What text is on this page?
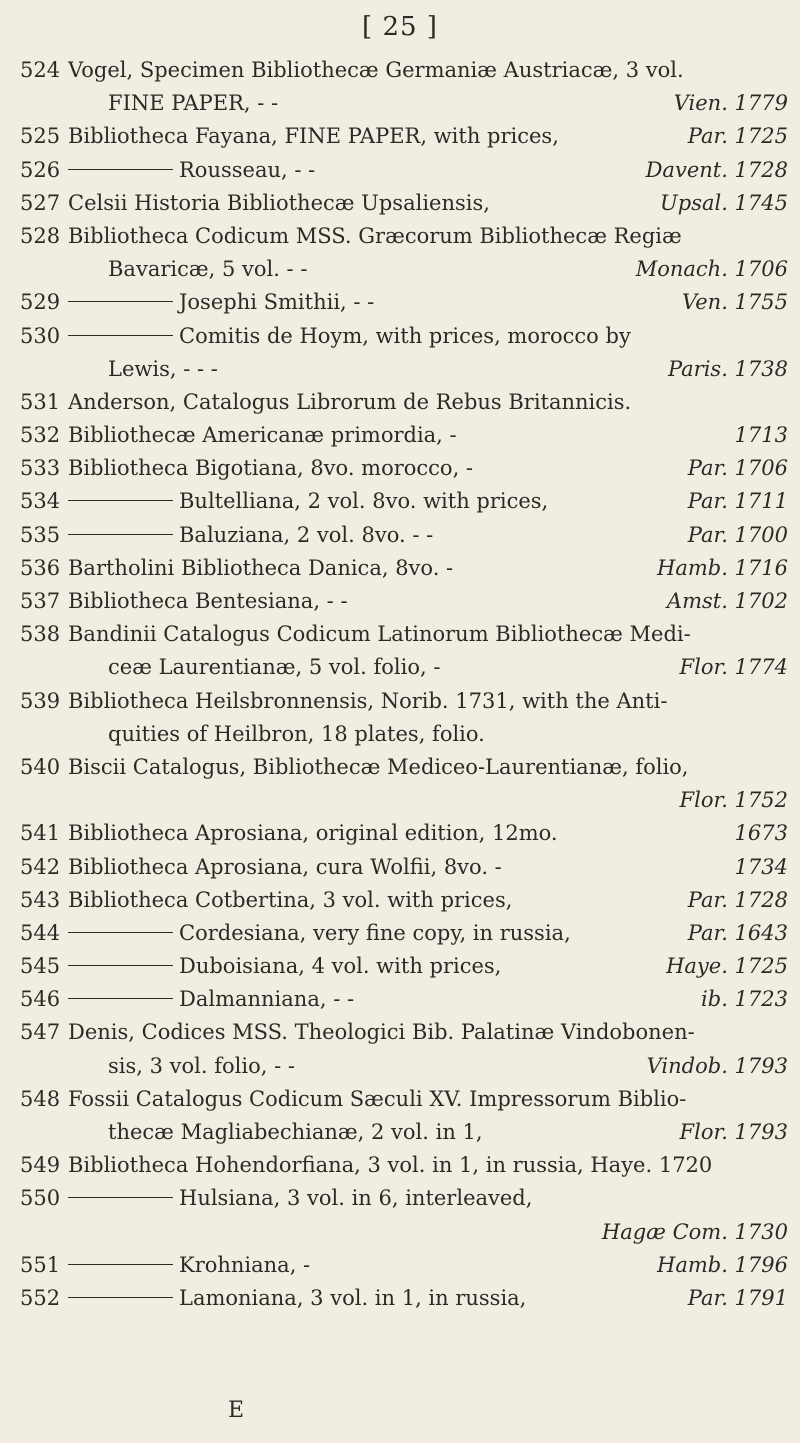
[ 25 ]
524 Vogel, Specimen Bibliothecæ Germaniæ Austriacæ, 3 vol.
FINE PAPER, - -	Vien. 1779
525 Bibliotheca Fayana, FINE PAPER, with prices,	Par. 1725
526	Rousseau, - -	Davent. 1728
527 Celsii Historia Bibliothecæ Upsaliensis,	Upsal. 1745
528 Bibliotheca Codicum MSS. Græcorum Bibliothecæ Regiæ
Bavaricæ, 5 vol. - -	Monach. 1706
529	Josephi Smithii, - -	Ven. 1755
530	Comitis de Hoym, with prices, morocco by
Lewis, - - -	Paris. 1738
531 Anderson, Catalogus Librorum de Rebus Britannicis.
532 Bibliothecæ Americanæ primordia, -	1713
533 Bibliotheca Bigotiana, 8vo. morocco, -	Par. 1706
534	Bultelliana, 2 vol. 8vo. with prices,	Par. 1711
535	Baluziana, 2 vol. 8vo. - -	Par. 1700
536 Bartholini Bibliotheca Danica, 8vo. -	Hamb. 1716
537 Bibliotheca Bentesiana, - -	Amst. 1702
538 Bandinii Catalogus Codicum Latinorum Bibliothecæ Medi-
ceæ Laurentianæ, 5 vol. folio, -	Flor. 1774
539 Bibliotheca Heilsbronnensis, Norib. 1731, with the Anti-
quities of Heilbron, 18 plates, folio.
540 Biscii Catalogus, Bibliothecæ Mediceo-Laurentianæ, folio,
Flor. 1752
541 Bibliotheca Aprosiana, original edition, 12mo.	1673
542 Bibliotheca Aprosiana, cura Wolfii, 8vo. -	1734
543 Bibliotheca Cotbertina, 3 vol. with prices,	Par. 1728
544	Cordesiana, very fine copy, in russia,	Par. 1643
545	Duboisiana, 4 vol. with prices,	Haye. 1725
546	Dalmanniana, - -	ib. 1723
547 Denis, Codices MSS. Theologici Bib. Palatinæ Vindobonen-
sis, 3 vol. folio, - -	Vindob. 1793
548 Fossii Catalogus Codicum Sæculi XV. Impressorum Biblio-
thecæ Magliabechianæ, 2 vol. in 1,	Flor. 1793
549 Bibliotheca Hohendorfiana, 3 vol. in 1, in russia, Haye. 1720
550	Hulsiana, 3 vol. in 6, interleaved,
Hagæ Com. 1730
551	Krohniana, -	Hamb. 1796
552	Lamoniana, 3 vol. in 1, in russia,	Par. 1791
E
